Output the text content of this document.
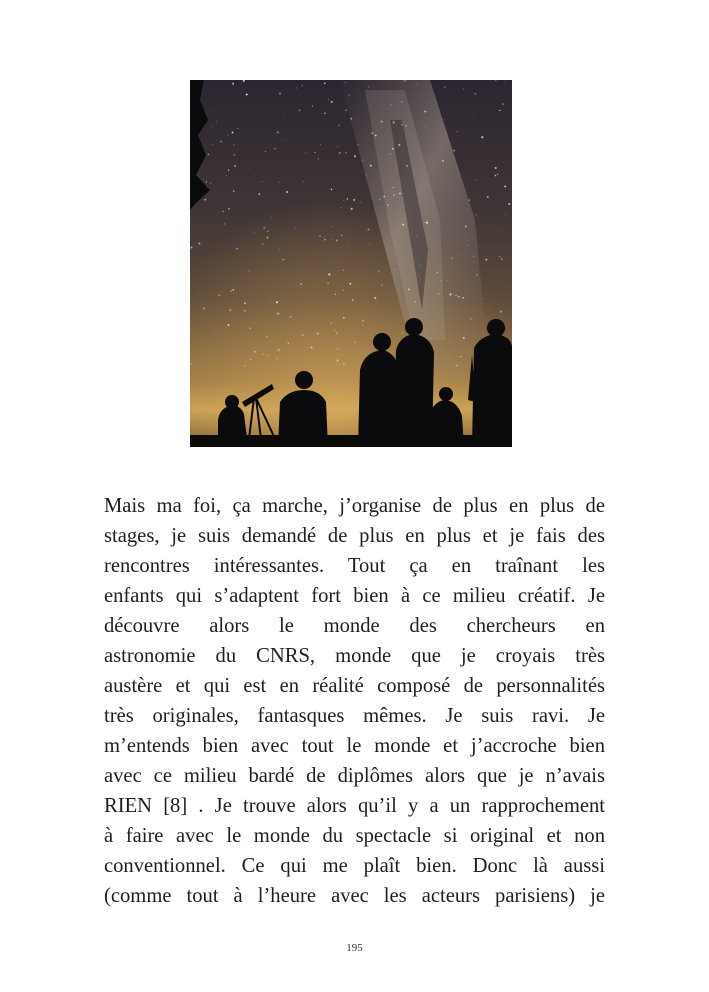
Mais ma foi, ça marche, j’organise de plus en plus de
stages, je suis demandé de plus en plus et je fais des
rencontres intéressantes. Tout ça en traînant les
enfants qui s’adaptent fort bien à ce milieu créatif. Je
découvre alors le monde des chercheurs en
astronomie du CNRS, monde que je croyais très
austère et qui est en réalité composé de personnalités
très originales, fantasques mêmes. Je suis ravi. Je
m’entends bien avec tout le monde et j’accroche bien
avec ce milieu bardé de diplômes alors que je n’avais
RIEN [8] . Je trouve alors qu’il y a un rapprochement
à faire avec le monde du spectacle si original et non
conventionnel. Ce qui me plaît bien. Donc là aussi
(comme tout à l’heure avec les acteurs parisiens) je
195
